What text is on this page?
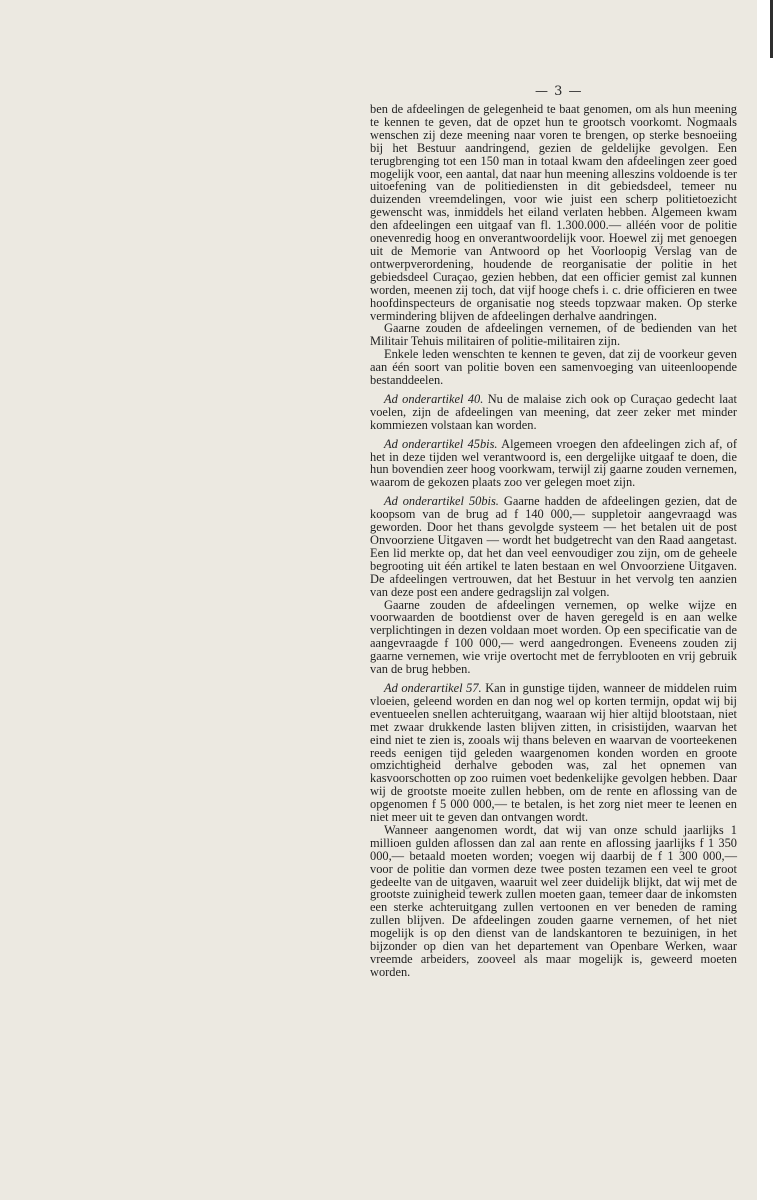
— 3 —

ben de afdeelingen de gelegenheid te baat genomen, om als hun meening te kennen te geven, dat de opzet hun te grootsch voorkomt. Nogmaals wenschen zij deze meening naar voren te brengen, op sterke besnoeiing bij het Bestuur aandringend, gezien de geldelijke gevolgen. Een terugbrenging tot een 150 man in totaal kwam den afdeelingen zeer goed mogelijk voor, een aantal, dat naar hun meening alleszins voldoende is ter uitoefening van de politiediensten in dit gebiedsdeel, temeer nu duizenden vreemdelingen, voor wie juist een scherp politietoezicht gewenscht was, inmiddels het eiland verlaten hebben. Algemeen kwam den afdeelingen een uitgaaf van fl. 1.300.000.— alléén voor de politie onevenredig hoog en onverantwoordelijk voor. Hoewel zij met genoegen uit de Memorie van Antwoord op het Voorloopig Verslag van de ontwerpverordening, houdende de reorganisatie der politie in het gebiedsdeel Curaçao, gezien hebben, dat een officier gemist zal kunnen worden, meenen zij toch, dat vijf hooge chefs i. c. drie officieren en twee hoofdinspecteurs de organisatie nog steeds topzwaar maken. Op sterke vermindering blijven de afdeelingen derhalve aandringen.

Gaarne zouden de afdeelingen vernemen, of de bedienden van het Militair Tehuis militairen of politie-militairen zijn.

Enkele leden wenschten te kennen te geven, dat zij de voorkeur geven aan één soort van politie boven een samenvoeging van uiteenloopende bestanddeelen.

Ad onderartikel 40. Nu de malaise zich ook op Curaçao gedecht laat voelen, zijn de afdeelingen van meening, dat zeer zeker met minder kommiezen volstaan kan worden.

Ad onderartikel 45bis. Algemeen vroegen den afdeelingen zich af, of het in deze tijden wel verantwoord is, een dergelijke uitgaaf te doen, die hun bovendien zeer hoog voorkwam, terwijl zij gaarne zouden vernemen, waarom de gekozen plaats zoo ver gelegen moet zijn.

Ad onderartikel 50bis. Gaarne hadden de afdeelingen gezien, dat de koopsom van de brug ad f 140 000,— suppletoir aangevraagd was geworden. Door het thans gevolgde systeem — het betalen uit de post Onvoorziene Uitgaven — wordt het budgetrecht van den Raad aangetast. Een lid merkte op, dat het dan veel eenvoudiger zou zijn, om de geheele begrooting uit één artikel te laten bestaan en wel Onvoorziene Uitgaven. De afdeelingen vertrouwen, dat het Bestuur in het vervolg ten aanzien van deze post een andere gedragslijn zal volgen.

Gaarne zouden de afdeelingen vernemen, op welke wijze en voorwaarden de bootdienst over de haven geregeld is en aan welke verplichtingen in dezen voldaan moet worden. Op een specificatie van de aangevraagde f 100 000,— werd aangedrongen. Eveneens zouden zij gaarne vernemen, wie vrije overtocht met de ferryblooten en vrij gebruik van de brug hebben.

Ad onderartikel 57. Kan in gunstige tijden, wanneer de middelen ruim vloeien, geleend worden en dan nog wel op korten termijn, opdat wij bij eventueelen snellen achteruitgang, waaraan wij hier altijd blootstaan, niet met zwaar drukkende lasten blijven zitten, in crisistijden, waarvan het eind niet te zien is, zooals wij thans beleven en waarvan de voorteekenen reeds eenigen tijd geleden waargenomen konden worden en groote omzichtigheid derhalve geboden was, zal het opnemen van kasvoorschotten op zoo ruimen voet bedenkelijke gevolgen hebben. Daar wij de grootste moeite zullen hebben, om de rente en aflossing van de opgenomen f 5 000 000,— te betalen, is het zorg niet meer te leenen en niet meer uit te geven dan ontvangen wordt.

Wanneer aangenomen wordt, dat wij van onze schuld jaarlijks 1 millioen gulden aflossen dan zal aan rente en aflossing jaarlijks f 1 350 000,— betaald moeten worden; voegen wij daarbij de f 1 300 000,— voor de politie dan vormen deze twee posten tezamen een veel te groot gedeelte van de uitgaven, waaruit wel zeer duidelijk blijkt, dat wij met de grootste zuinigheid tewerk zullen moeten gaan, temeer daar de inkomsten een sterke achteruitgang zullen vertoonen en ver beneden de raming zullen blijven. De afdeelingen zouden gaarne vernemen, of het niet mogelijk is op den dienst van de landskantoren te bezuinigen, in het bijzonder op dien van het departement van Openbare Werken, waar vreemde arbeiders, zooveel als maar mogelijk is, geweerd moeten worden.
